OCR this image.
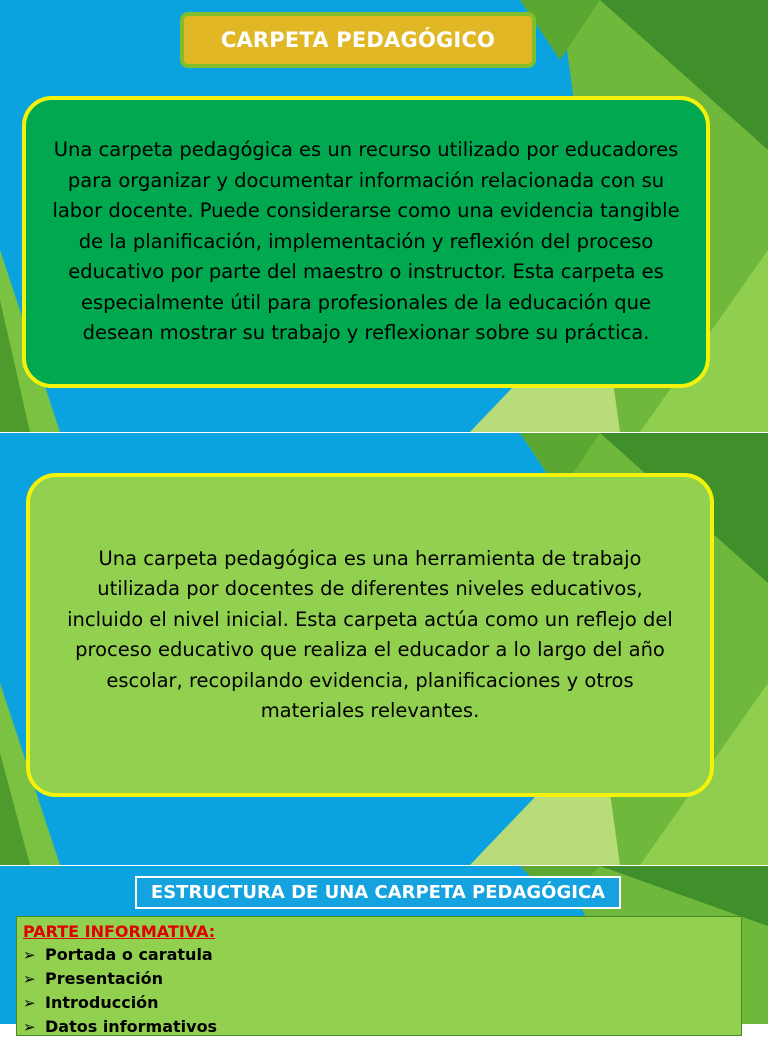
CARPETA PEDAGÓGICO
Una carpeta pedagógica es un recurso utilizado por educadores para organizar y documentar información relacionada con su labor docente. Puede considerarse como una evidencia tangible de la planificación, implementación y reflexión del proceso educativo por parte del maestro o instructor. Esta carpeta es especialmente útil para profesionales de la educación que desean mostrar su trabajo y reflexionar sobre su práctica.
Una carpeta pedagógica es una herramienta de trabajo utilizada por docentes de diferentes niveles educativos, incluido el nivel inicial. Esta carpeta actúa como un reflejo del proceso educativo que realiza el educador a lo largo del año escolar, recopilando evidencia, planificaciones y otros materiales relevantes.
ESTRUCTURA DE UNA CARPETA PEDAGÓGICA
PARTE INFORMATIVA:
➢ Portada o caratula
➢ Presentación
➢ Introducción
➢ Datos informativos
